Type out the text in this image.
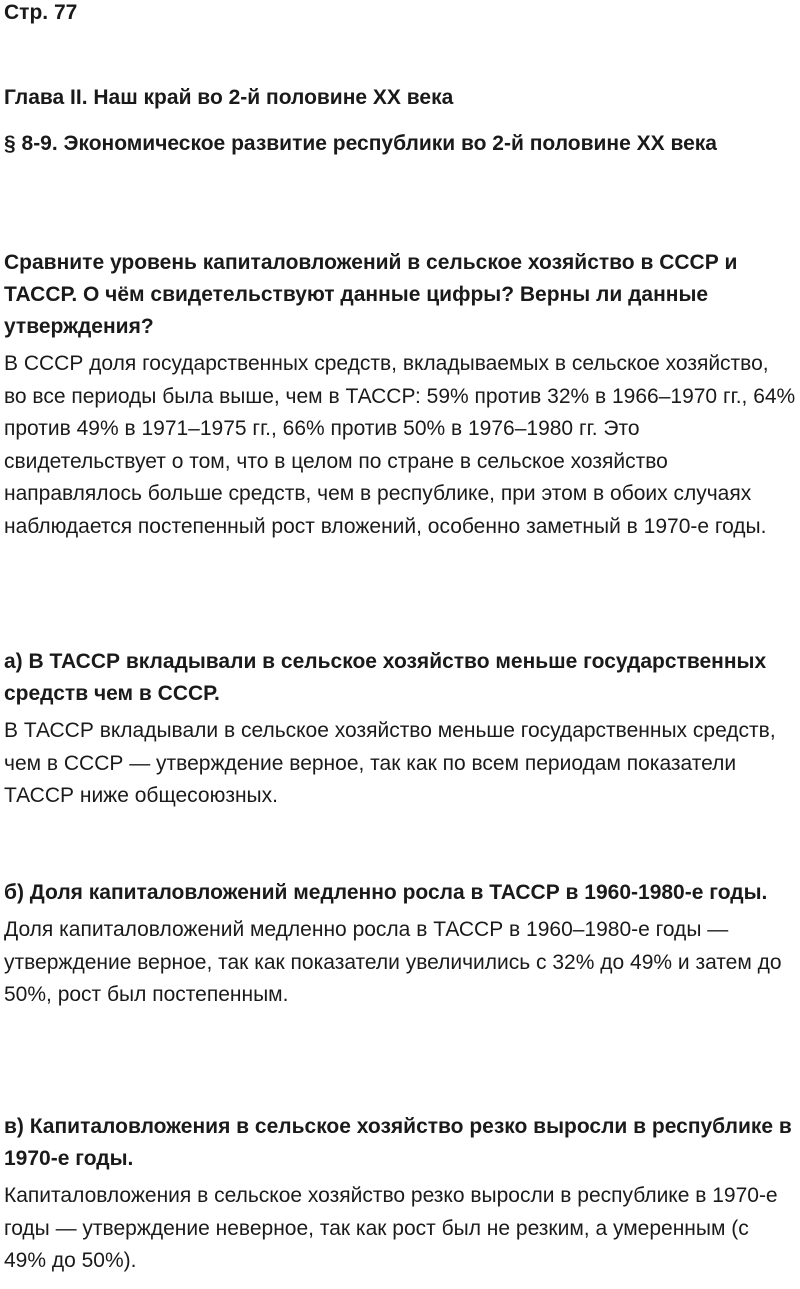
Стр. 77

Глава II. Наш край во 2-й половине XX века
§ 8-9. Экономическое развитие республики во 2-й половине XX века

Сравните уровень капиталовложений в сельское хозяйство в СССР и ТАССР. О чём свидетельствуют данные цифры? Верны ли данные утверждения?

В СССР доля государственных средств, вкладываемых в сельское хозяйство, во все периоды была выше, чем в ТАССР: 59% против 32% в 1966–1970 гг., 64% против 49% в 1971–1975 гг., 66% против 50% в 1976–1980 гг. Это свидетельствует о том, что в целом по стране в сельское хозяйство направлялось больше средств, чем в республике, при этом в обоих случаях наблюдается постепенный рост вложений, особенно заметный в 1970-е годы.

а) В ТАССР вкладывали в сельское хозяйство меньше государственных средств чем в СССР.

В ТАССР вкладывали в сельское хозяйство меньше государственных средств, чем в СССР — утверждение верное, так как по всем периодам показатели ТАССР ниже общесоюзных.

б) Доля капиталовложений медленно росла в ТАССР в 1960-1980-е годы.

Доля капиталовложений медленно росла в ТАССР в 1960–1980-е годы — утверждение верное, так как показатели увеличились с 32% до 49% и затем до 50%, рост был постепенным.

в) Капиталовложения в сельское хозяйство резко выросли в республике в 1970-е годы.

Капиталовложения в сельское хозяйство резко выросли в республике в 1970-е годы — утверждение неверное, так как рост был не резким, а умеренным (с 49% до 50%).
